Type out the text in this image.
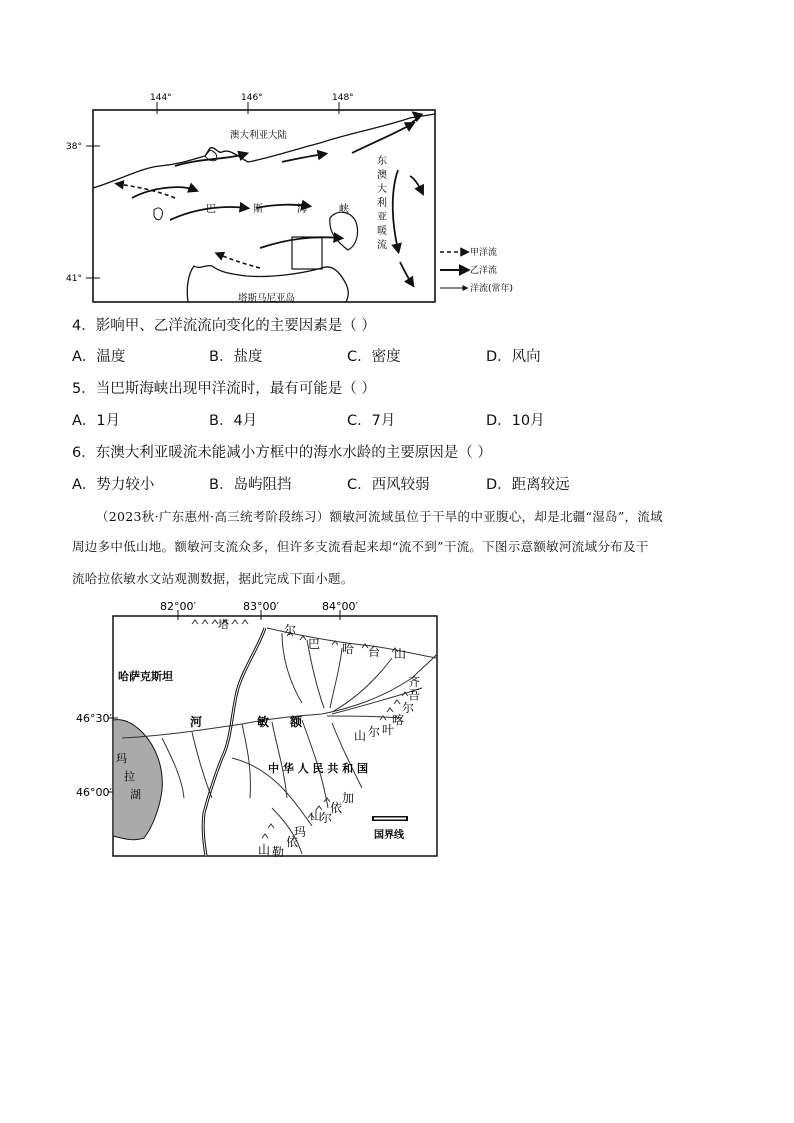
144°	146°	148°
38°
41°
塔斯马尼亚岛
澳大利亚大陆
巴	斯	海	峡
东
澳
大
利
亚
暖
流
甲洋流
乙洋流
洋流(常年)
4．影响甲、乙洋流流向变化的主要因素是（ ）
A．温度	B．盐度	C．密度	D．风向
5．当巴斯海峡出现甲洋流时，最有可能是（ ）
A．1月	B．4月	C．7月	D．10月
6．东澳大利亚暖流未能减小方框中的海水水龄的主要原因是（ ）
A．势力较小	B．岛屿阻挡	C．西风较弱	D．距离较远
（2023秋·广东惠州·高三统考阶段练习）额敏河流域虽位于干旱的中亚腹心，却是北疆“湿岛”，流域
周边多中低山地。额敏河支流众多，但许多支流看起来却“流不到”干流。下图示意额敏河流域分布及干
流哈拉依敏水文站观测数据，据此完成下面小题。
82°00′	83°00′	84°00′
46°30′
46°00′
玛
拉
湖
哈萨克斯坦
中 华 人 民 共 和 国
河	敏 额
塔	尔
巴 哈 台 山
齐
吾
尔
喀
叶
尔
山
加
依
尔
山
玛
依
勒
山
国界线
